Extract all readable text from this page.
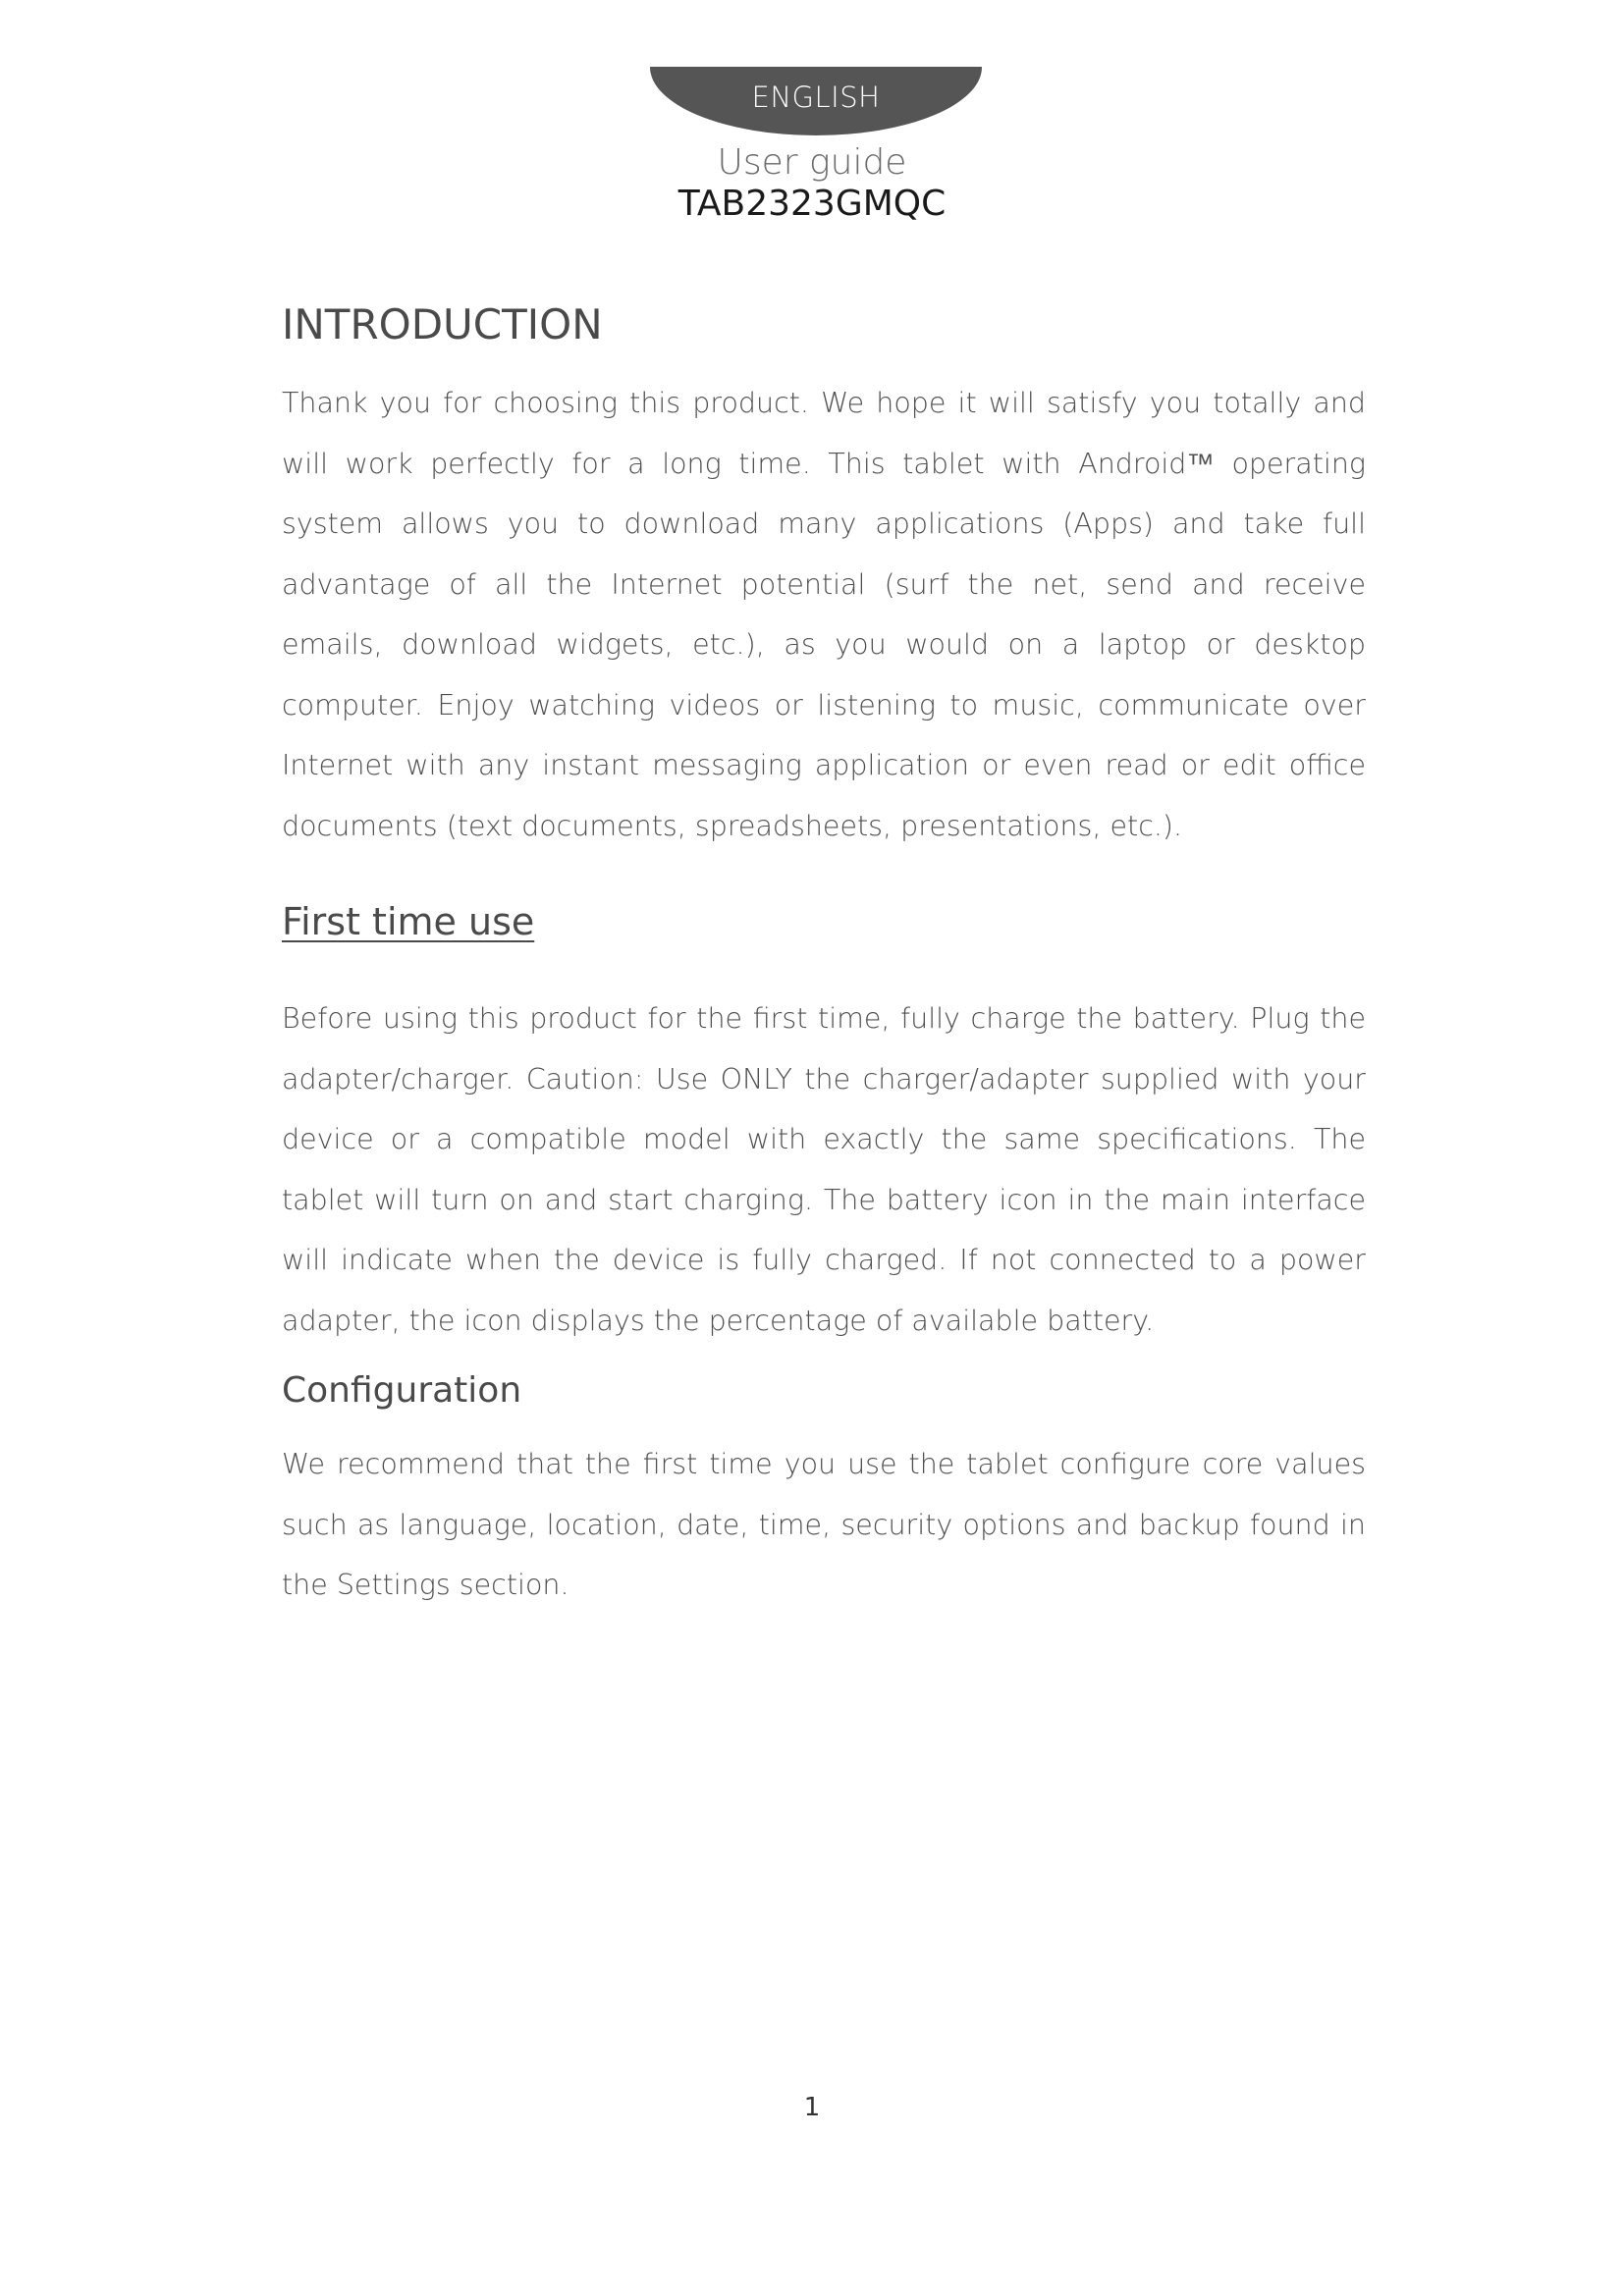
ENGLISH
User guide
TAB2323GMQC
INTRODUCTION

Thank you for choosing this product. We hope it will satisfy you totally and will work perfectly for a long time. This tablet with Android™ operating system allows you to download many applications (Apps) and take full advantage of all the Internet potential (surf the net, send and receive emails, download widgets, etc.), as you would on a laptop or desktop computer. Enjoy watching videos or listening to music, communicate over Internet with any instant messaging application or even read or edit office documents (text documents, spreadsheets, presentations, etc.).

First time use

Before using this product for the first time, fully charge the battery. Plug the adapter/charger. Caution: Use ONLY the charger/adapter supplied with your device or a compatible model with exactly the same specifications. The tablet will turn on and start charging. The battery icon in the main interface will indicate when the device is fully charged. If not connected to a power adapter, the icon displays the percentage of available battery.

Configuration

We recommend that the first time you use the tablet configure core values such as language, location, date, time, security options and backup found in the Settings section.

1
